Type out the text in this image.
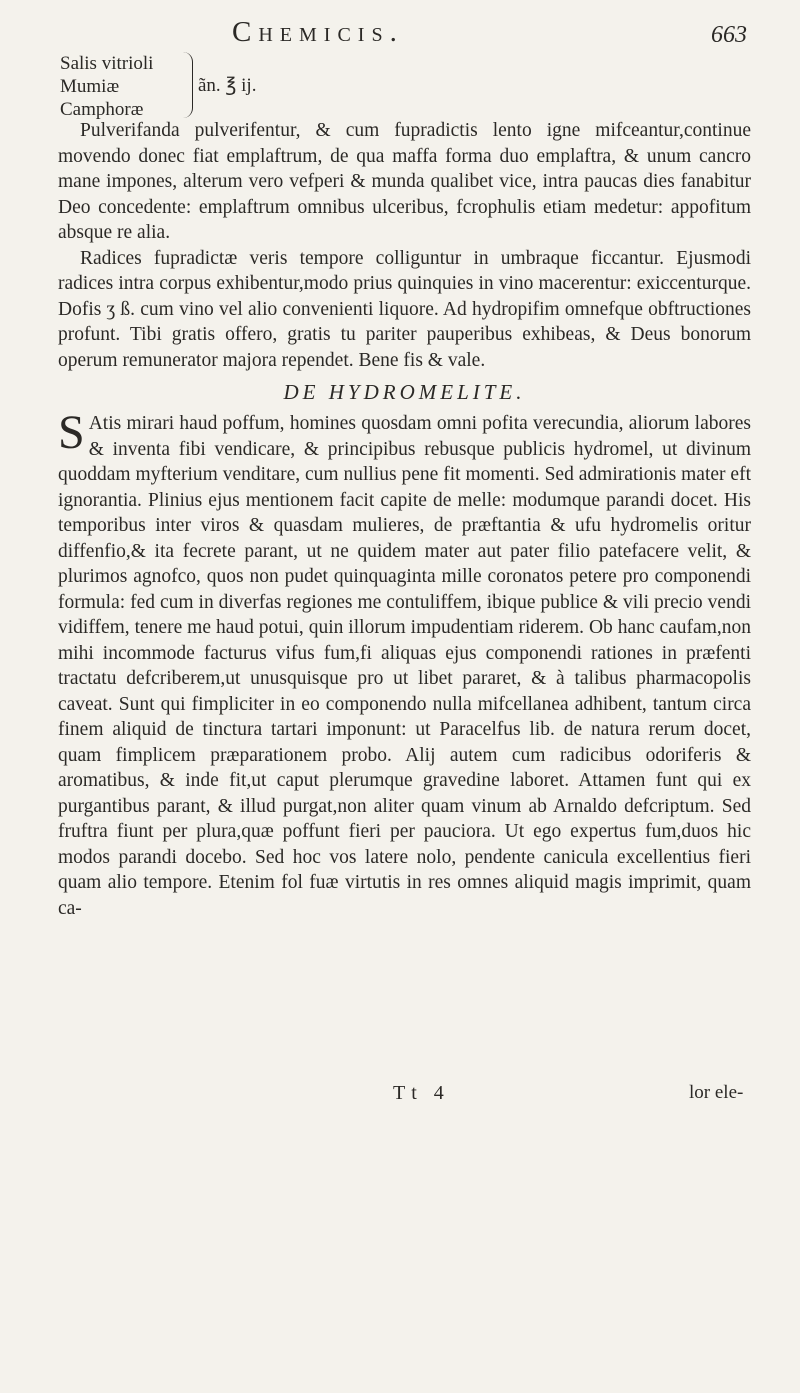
Chemicis.	663
Salis vitrioli
Mumiæ
Camphoræ
ãn. ℥ ij.

Pulverifanda pulverifentur, & cum fupradictis lento igne mifceantur,continue movendo donec fiat emplaftrum, de qua maffa forma duo emplaftra, & unum cancro mane impones, alterum vero vefperi & munda qualibet vice, intra paucas dies fanabitur Deo concedente: emplaftrum omnibus ulceribus, fcrophulis etiam medetur: appofitum absque re alia.

Radices fupradictæ veris tempore colliguntur in umbraque ficcantur. Ejusmodi radices intra corpus exhibentur,modo prius quinquies in vino macerentur: exiccenturque. Dofis ʒ ß. cum vino vel alio convenienti liquore. Ad hydropifim omnefque obftructiones profunt. Tibi gratis offero, gratis tu pariter pauperibus exhibeas, & Deus bonorum operum remunerator majora rependet. Bene fis & vale.

DE HYDROMELITE.

S Atis mirari haud poffum, homines quosdam omni pofita verecundia, aliorum labores & inventa fibi vendicare, & principibus rebusque publicis hydromel, ut divinum quoddam myfterium venditare, cum nullius pene fit momenti. Sed admirationis mater eft ignorantia. Plinius ejus mentionem facit capite de melle: modumque parandi docet. His temporibus inter viros & quasdam mulieres, de præftantia & ufu hydromelis oritur diffenfio,& ita fecrete parant, ut ne quidem mater aut pater filio patefacere velit, & plurimos agnofco, quos non pudet quinquaginta mille coronatos petere pro componendi formula: fed cum in diverfas regiones me contuliffem, ibique publice & vili precio vendi vidiffem, tenere me haud potui, quin illorum impudentiam riderem. Ob hanc caufam,non mihi incommode facturus vifus fum,fi aliquas ejus componendi rationes in præfenti tractatu defcriberem,ut unusquisque pro ut libet pararet, & à talibus pharmacopolis caveat. Sunt qui fimpliciter in eo componendo nulla mifcellanea adhibent, tantum circa finem aliquid de tinctura tartari imponunt: ut Paracelfus lib. de natura rerum docet, quam fimplicem præparationem probo. Alij autem cum radicibus odoriferis & aromatibus, & inde fit,ut caput plerumque gravedine laboret. Attamen funt qui ex purgantibus parant, & illud purgat,non aliter quam vinum ab Arnaldo defcriptum. Sed fruftra fiunt per plura,quæ poffunt fieri per pauciora. Ut ego expertus fum,duos hic modos parandi docebo. Sed hoc vos latere nolo, pendente canicula excellentius fieri quam alio tempore. Etenim fol fuæ virtutis in res omnes aliquid magis imprimit, quam ca-

Tt 4	lor ele-
